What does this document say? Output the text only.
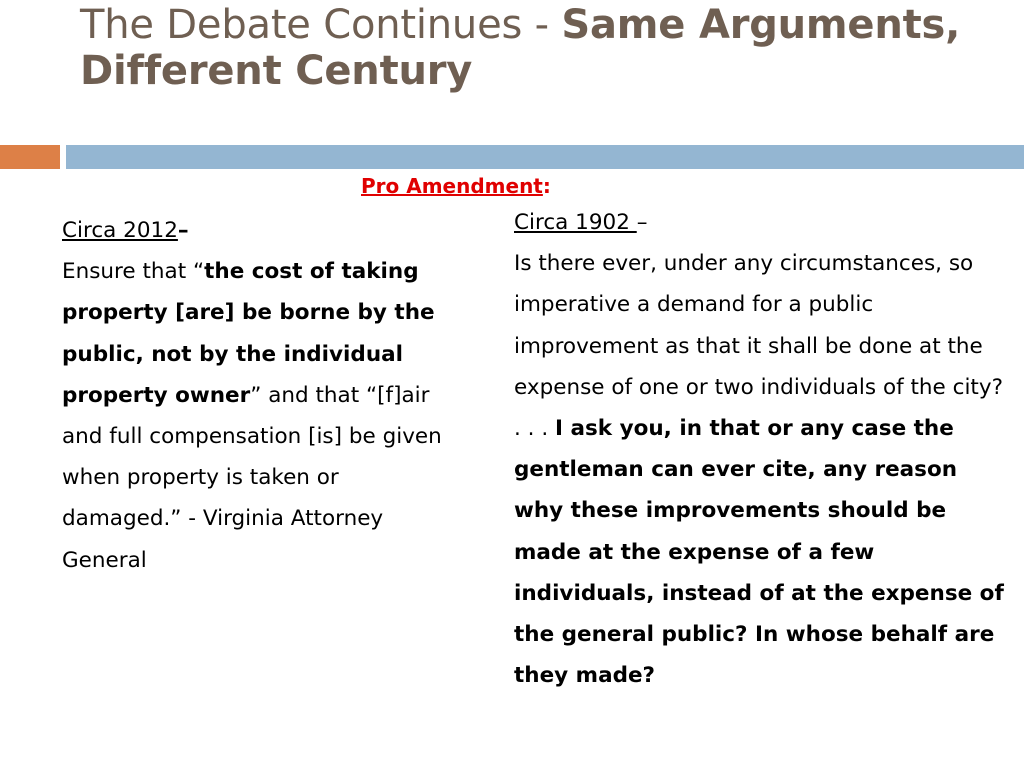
The Debate Continues - Same Arguments, Different Century
Pro Amendment:
Circa 2012–
Ensure that “the cost of taking property [are] be borne by the public, not by the individual property owner” and that “[f]air and full compensation [is] be given when property is taken or damaged.” - Virginia Attorney General
Circa 1902 –
Is there ever, under any circumstances, so imperative a demand for a public improvement as that it shall be done at the expense of one or two individuals of the city? . . . I ask you, in that or any case the gentleman can ever cite, any reason why these improvements should be made at the expense of a few individuals, instead of at the expense of the general public? In whose behalf are they made?
